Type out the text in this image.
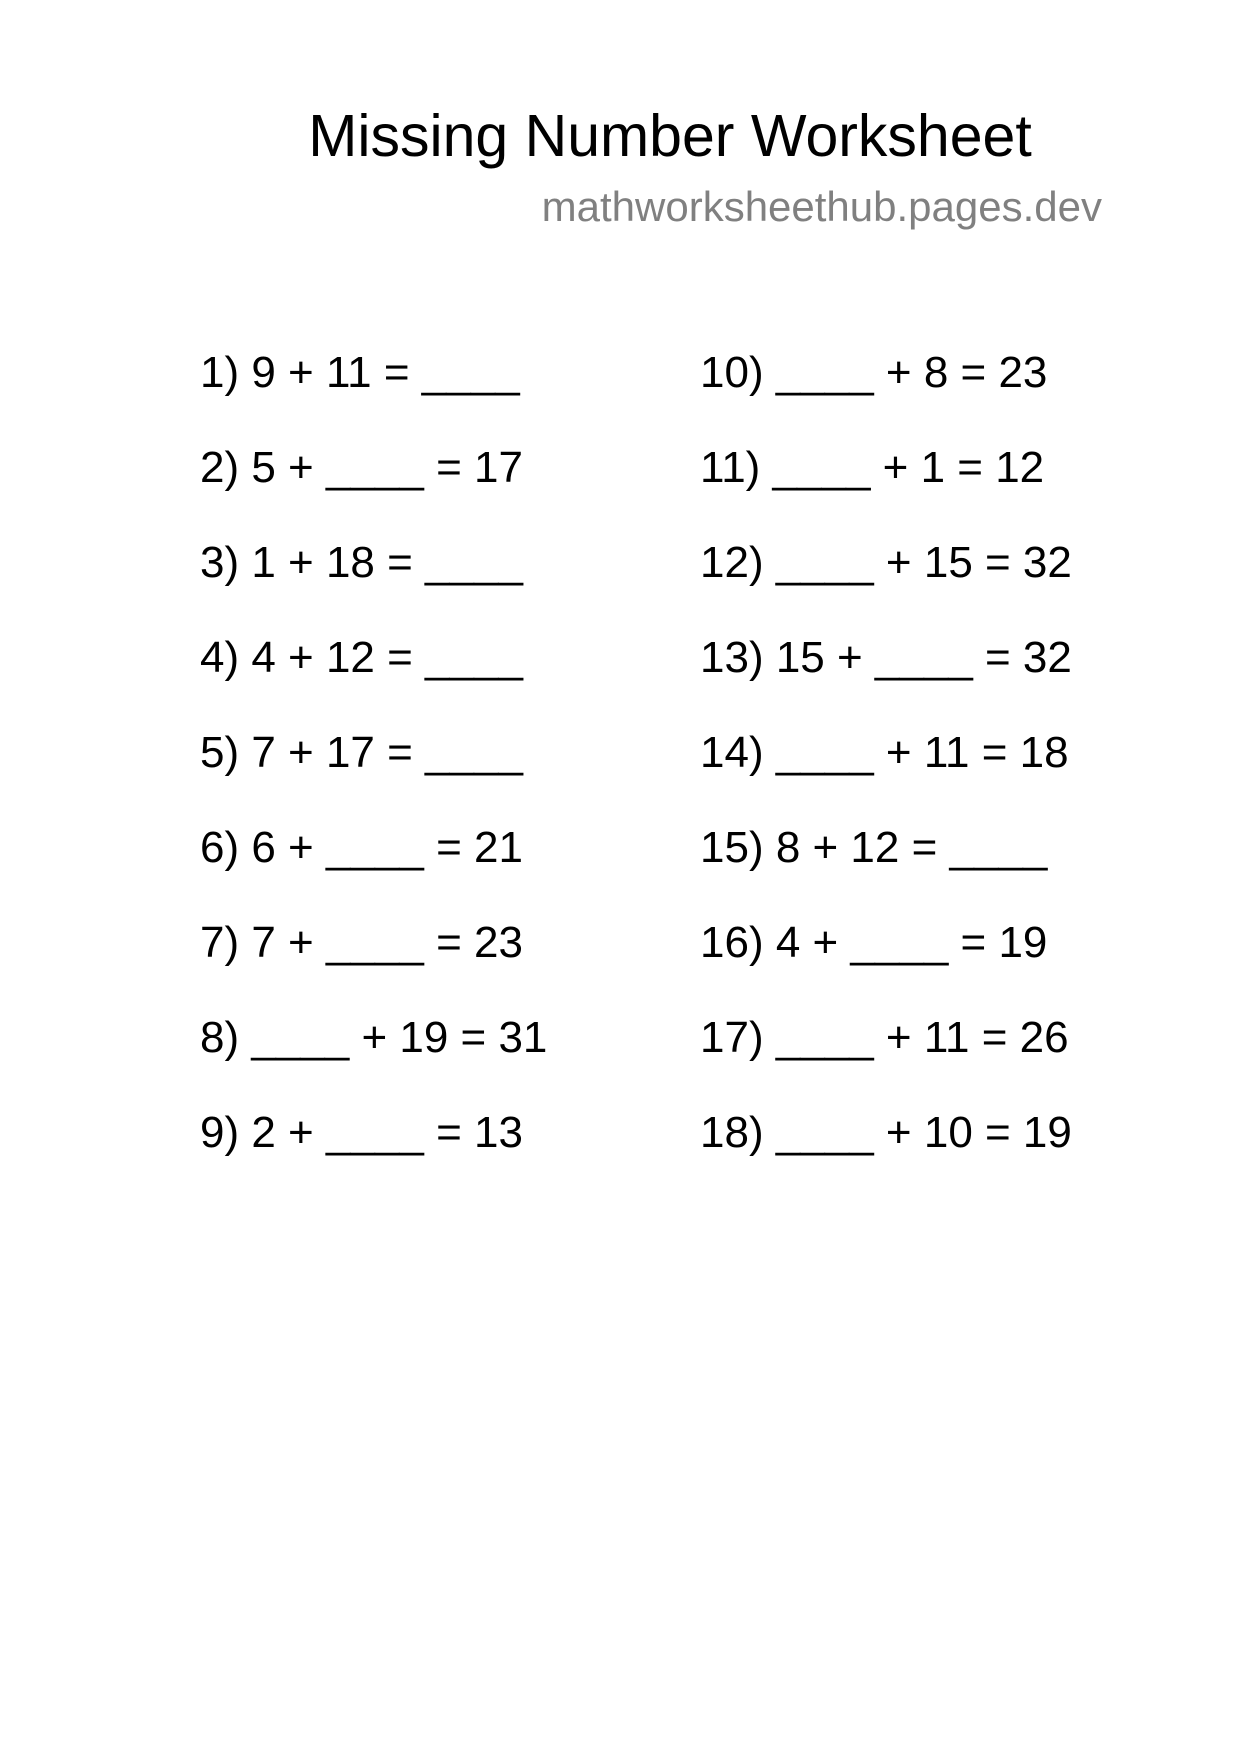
Missing Number Worksheet
mathworksheethub.pages.dev
1) 9 + 11 = ____
2) 5 + ____ = 17
3) 1 + 18 = ____
4) 4 + 12 = ____
5) 7 + 17 = ____
6) 6 + ____ = 21
7) 7 + ____ = 23
8) ____ + 19 = 31
9) 2 + ____ = 13
10) ____ + 8 = 23
11) ____ + 1 = 12
12) ____ + 15 = 32
13) 15 + ____ = 32
14) ____ + 11 = 18
15) 8 + 12 = ____
16) 4 + ____ = 19
17) ____ + 11 = 26
18) ____ + 10 = 19
